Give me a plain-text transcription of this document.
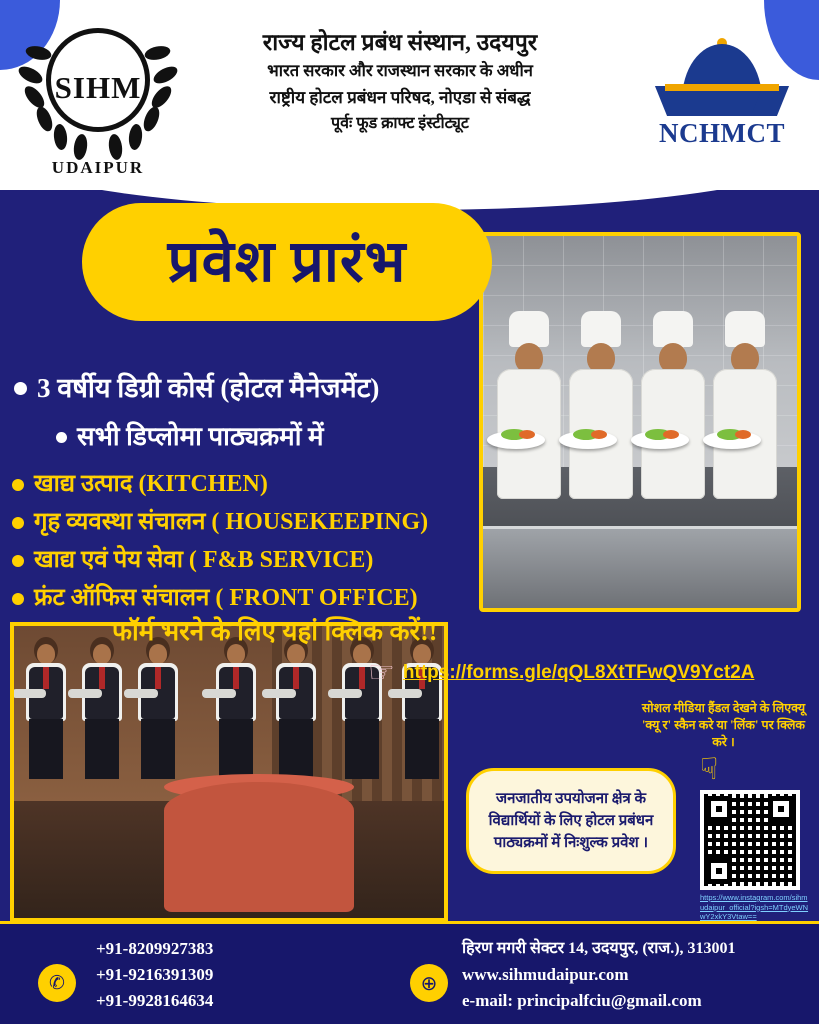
SIHM
UDAIPUR
राज्य होटल प्रबंध संस्थान, उदयपुर
भारत सरकार और राजस्थान सरकार के अधीन
राष्ट्रीय होटल प्रबंधन परिषद, नोएडा से संबद्ध
पूर्वः फूड क्राफ्ट इंस्टीट्यूट	NCHMCT
प्रवेश प्रारंभ
3 वर्षीय डिग्री कोर्स (होटल मैनेजमेंट)
सभी डिप्लोमा पाठ्यक्रमों में
खाद्य उत्पाद (KITCHEN)
गृह व्यवस्था संचालन ( HOUSEKEEPING)
खाद्य एवं पेय सेवा ( F&B SERVICE)
फ्रंट ऑफिस संचालन ( FRONT OFFICE)
फॉर्म भरने के लिए यहां क्लिक करें!!
☞ https://forms.gle/qQL8XtTFwQV9Yct2A
जनजातीय उपयोजना क्षेत्र के विद्यार्थियों के लिए होटल प्रबंधन पाठ्यक्रमों में निःशुल्क प्रवेश ।
सोशल मीडिया हैंडल देखने के लिएक्यू 'क्यू र' स्कैन करे या 'लिंक' पर क्लिक करे ।
☟
https://www.instagram.com/sihmudaipur_official?igsh=MTdyeWNwY2xkY3Vtaw==
✆
+91-8209927383
+91-9216391309
+91-9928164634
⊕
हिरण मगरी सेक्टर 14, उदयपुर, (राज.), 313001
www.sihmudaipur.com
e-mail: principalfciu@gmail.com
